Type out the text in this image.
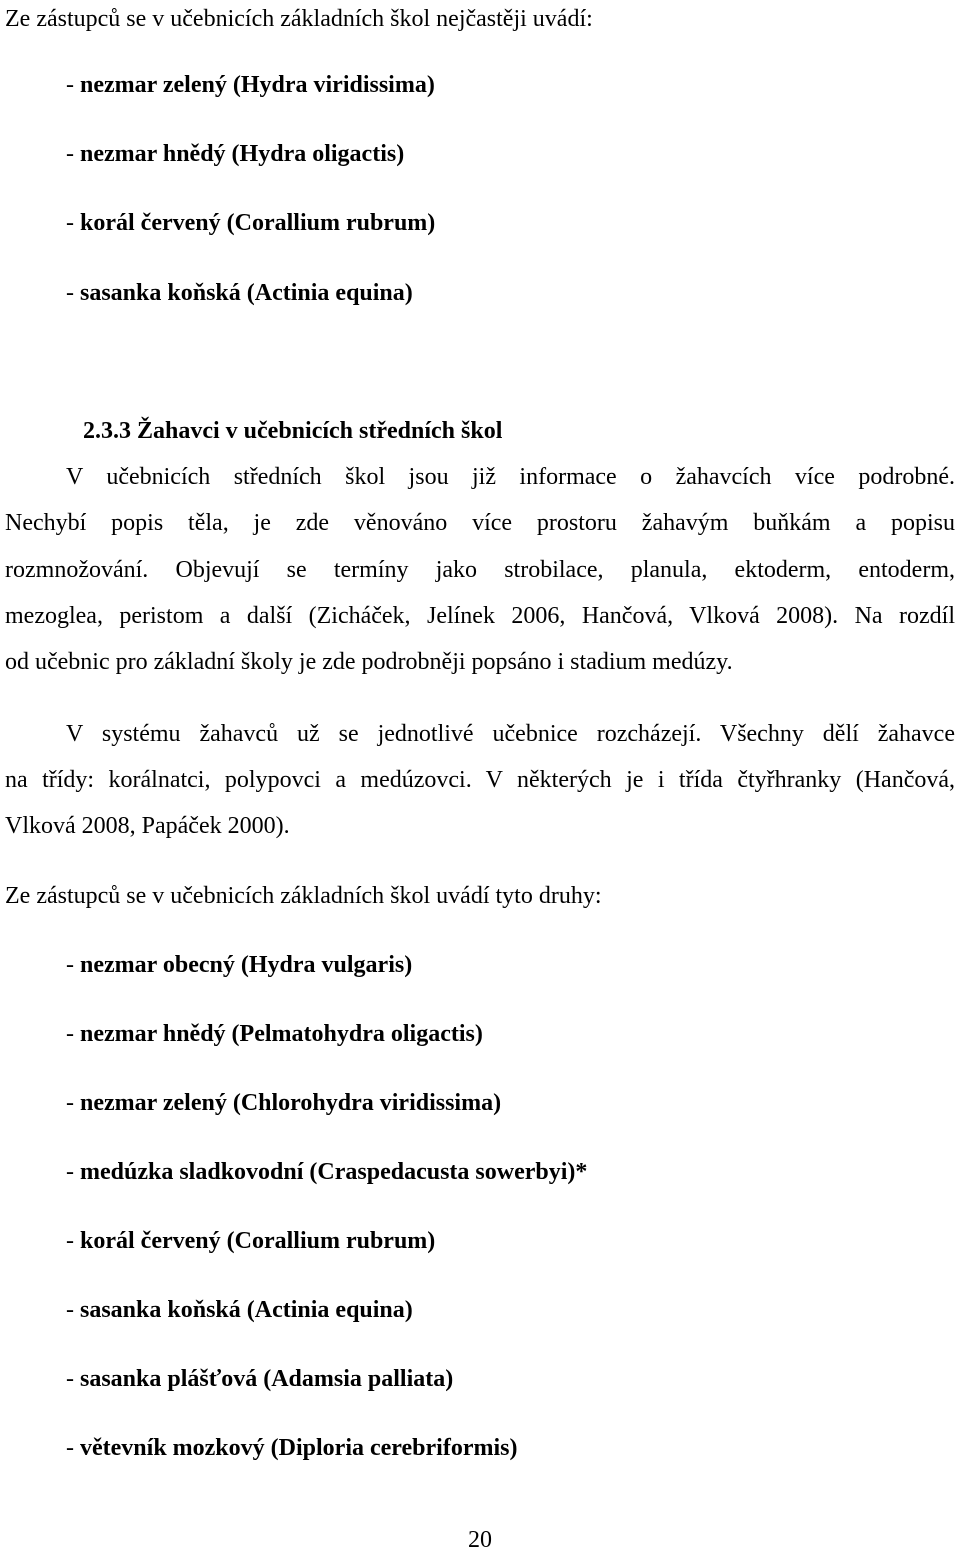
Ze zástupců se v učebnicích základních škol nejčastěji uvádí:

- nezmar zelený (Hydra viridissima)

- nezmar hnědý (Hydra oligactis)

- korál červený (Corallium rubrum)

- sasanka koňská (Actinia equina)

2.3.3 Žahavci v učebnicích středních škol

V učebnicích středních škol jsou již informace o žahavcích více podrobné.

Nechybí popis těla, je zde věnováno více prostoru žahavým buňkám a popisu

rozmnožování. Objevují se termíny jako strobilace, planula, ektoderm, entoderm,

mezoglea, peristom a další (Zicháček, Jelínek 2006, Hančová, Vlková 2008). Na rozdíl

od učebnic pro základní školy je zde podrobněji popsáno i stadium medúzy.

V systému žahavců už se jednotlivé učebnice rozcházejí. Všechny dělí žahavce

na třídy: korálnatci, polypovci a medúzovci. V některých je i třída čtyřhranky (Hančová,

Vlková 2008, Papáček 2000).

Ze zástupců se v učebnicích základních škol uvádí tyto druhy:

- nezmar obecný (Hydra vulgaris)

- nezmar hnědý (Pelmatohydra oligactis)

- nezmar zelený (Chlorohydra viridissima)

- medúzka sladkovodní (Craspedacusta sowerbyi)*

- korál červený (Corallium rubrum)

- sasanka koňská (Actinia equina)

- sasanka plášťová (Adamsia palliata)

- větevník mozkový (Diploria cerebriformis)

20
